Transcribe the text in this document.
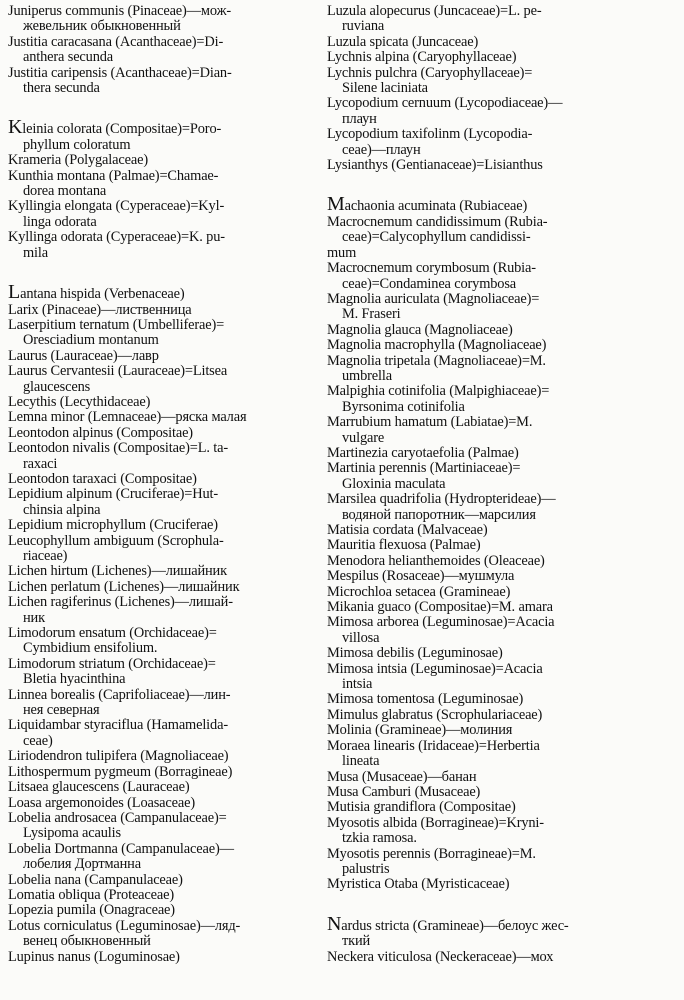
Juniperus communis (Pinaceae)—мож-
жевельник обыкновенный
Justitia caracasana (Acanthaceae)=Di-
anthera secunda
Justitia caripensis (Acanthaceae)=Dian-
thera secunda
Kleinia colorata (Compositae)=Poro-
phyllum coloratum
Krameria (Polygalaceae)
Kunthia montana (Palmae)=Chamae-
dorea montana
Kyllingia elongata (Cyperaceae)=Kyl-
linga odorata
Kyllinga odorata (Cyperaceae)=K. pu-
mila
Lantana hispida (Verbenaceae)
Larix (Pinaceae)—лиственница
Laserpitium ternatum (Umbelliferae)=
Oresciadium montanum
Laurus (Lauraceae)—лавр
Laurus Cervantesii (Lauraceae)=Litsea
glaucescens
Lecythis (Lecythidaceae)
Lemna minor (Lemnaceae)—ряска малая
Leontodon alpinus (Compositae)
Leontodon nivalis (Compositae)=L. ta-
raxaci
Leontodon taraxaci (Compositae)
Lepidium alpinum (Cruciferae)=Hut-
chinsia alpina
Lepidium microphyllum (Cruciferae)
Leucophyllum ambiguum (Scrophula-
riaceae)
Lichen hirtum (Lichenes)—лишайник
Lichen perlatum (Lichenes)—лишайник
Lichen ragiferinus (Lichenes)—лишай-
ник
Limodorum ensatum (Orchidaceae)=
Cymbidium ensifolium.
Limodorum striatum (Orchidaceae)=
Bletia hyacinthina
Linnea borealis (Caprifoliaceae)—лин-
нея северная
Liquidambar styraciflua (Hamamelida-
ceae)
Liriodendron tulipifera (Magnoliaceae)
Lithospermum pygmeum (Borragineae)
Litsaea glaucescens (Lauraceae)
Loasa argemonoides (Loasaceae)
Lobelia androsacea (Campanulaceae)=
Lysipoma acaulis
Lobelia Dortmanna (Campanulaceae)—
лобелия Дортманна
Lobelia nana (Campanulaceae)
Lomatia obliqua (Proteaceae)
Lopezia pumila (Onagraceae)
Lotus corniculatus (Leguminosae)—ляд-
венец обыкновенный
Lupinus nanus (Loguminosae)
Luzula alopecurus (Juncaceae)=L. pe-
ruviana
Luzula spicata (Juncaceae)
Lychnis alpina (Caryophyllaceae)
Lychnis pulchra (Caryophyllaceae)=
Silene laciniata
Lycopodium cernuum (Lycopodiaceae)—
плаун
Lycopodium taxifolinm (Lycopodia-
ceae)—плаун
Lysianthys (Gentianaceae)=Lisianthus
Machaonia acuminata (Rubiaceae)
Macrocnemum candidissimum (Rubia-
ceae)=Calycophyllum candidissi-
mum
Macrocnemum corymbosum (Rubia-
ceae)=Condaminea corymbosa
Magnolia auriculata (Magnoliaceae)=
M. Fraseri
Magnolia glauca (Magnoliaceae)
Magnolia macrophylla (Magnoliaceae)
Magnolia tripetala (Magnoliaceae)=M.
umbrella
Malpighia cotinifolia (Malpighiaceae)=
Byrsonima cotinifolia
Marrubium hamatum (Labiatae)=M.
vulgare
Martinezia caryotaefolia (Palmae)
Martinia perennis (Martiniaceae)=
Gloxinia maculata
Marsilea quadrifolia (Hydropterideae)—
водяной папоротник—марсилия
Matisia cordata (Malvaceae)
Mauritia flexuosa (Palmae)
Menodora helianthemoides (Oleaceae)
Mespilus (Rosaceae)—мушмула
Microchloa setacea (Gramineae)
Mikania guaco (Compositae)=M. amara
Mimosa arborea (Leguminosae)=Acacia
villosa
Mimosa debilis (Leguminosae)
Mimosa intsia (Leguminosae)=Acacia
intsia
Mimosa tomentosa (Leguminosae)
Mimulus glabratus (Scrophulariaceae)
Molinia (Gramineae)—молиния
Moraea linearis (Iridaceae)=Herbertia
lineata
Musa (Musaceae)—банан
Musa Camburi (Musaceae)
Mutisia grandiflora (Compositae)
Myosotis albida (Borragineae)=Kryni-
tzkia ramosa.
Myosotis perennis (Borragineae)=M.
palustris
Myristica Otaba (Myristicaceae)
Nardus stricta (Gramineae)—белоус жес-
ткий
Neckera viticulosa (Neckeraceae)—мох
